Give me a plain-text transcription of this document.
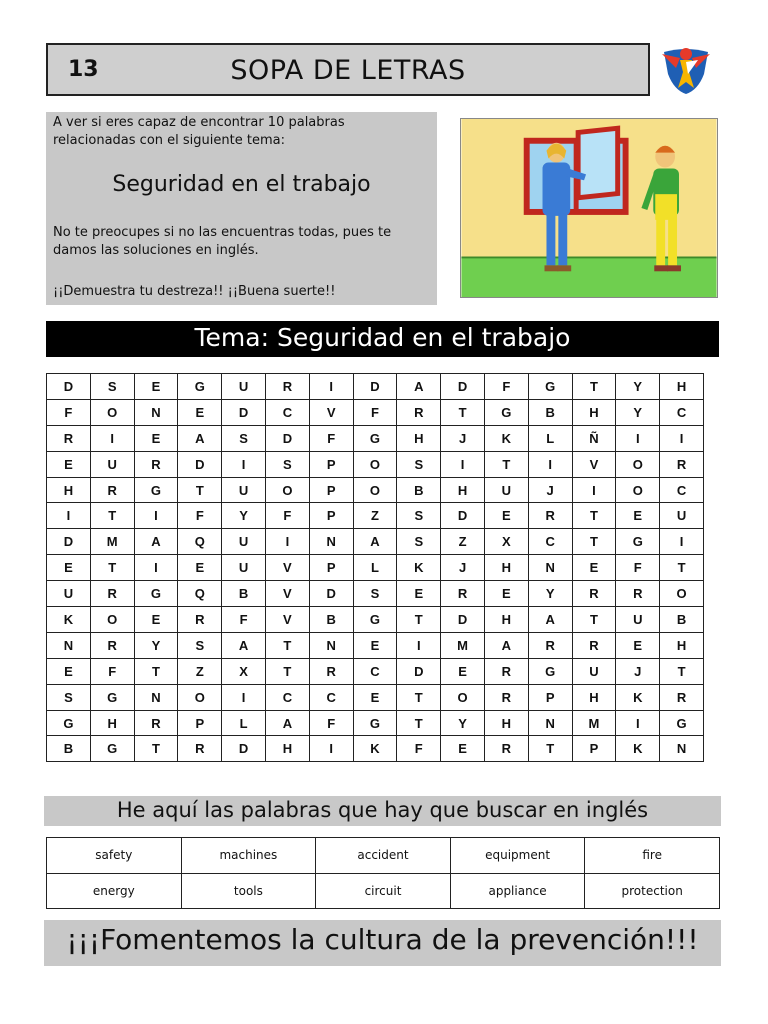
13	SOPA DE LETRAS
A ver si eres capaz de encontrar 10 palabras relacionadas con el siguiente tema:
Seguridad en el trabajo
No te preocupes si no las encuentras todas, pues te damos las soluciones en inglés.
¡¡Demuestra tu destreza!! ¡¡Buena suerte!!
Tema: Seguridad en el trabajo
D	S	E	G	U	R	I	D	A	D	F	G	T	Y	H
F	O	N	E	D	C	V	F	R	T	G	B	H	Y	C
R	I	E	A	S	D	F	G	H	J	K	L	Ñ	I	I
E	U	R	D	I	S	P	O	S	I	T	I	V	O	R
H	R	G	T	U	O	P	O	B	H	U	J	I	O	C
I	T	I	F	Y	F	P	Z	S	D	E	R	T	E	U
D	M	A	Q	U	I	N	A	S	Z	X	C	T	G	I
E	T	I	E	U	V	P	L	K	J	H	N	E	F	T
U	R	G	Q	B	V	D	S	E	R	E	Y	R	R	O
K	O	E	R	F	V	B	G	T	D	H	A	T	U	B
N	R	Y	S	A	T	N	E	I	M	A	R	R	E	H
E	F	T	Z	X	T	R	C	D	E	R	G	U	J	T
S	G	N	O	I	C	C	E	T	O	R	P	H	K	R
G	H	R	P	L	A	F	G	T	Y	H	N	M	I	G
B	G	T	R	D	H	I	K	F	E	R	T	P	K	N
He aquí las palabras que hay que buscar en inglés
safety	machines	accident	equipment	fire
energy	tools	circuit	appliance	protection
¡¡¡Fomentemos la cultura de la prevención!!!
